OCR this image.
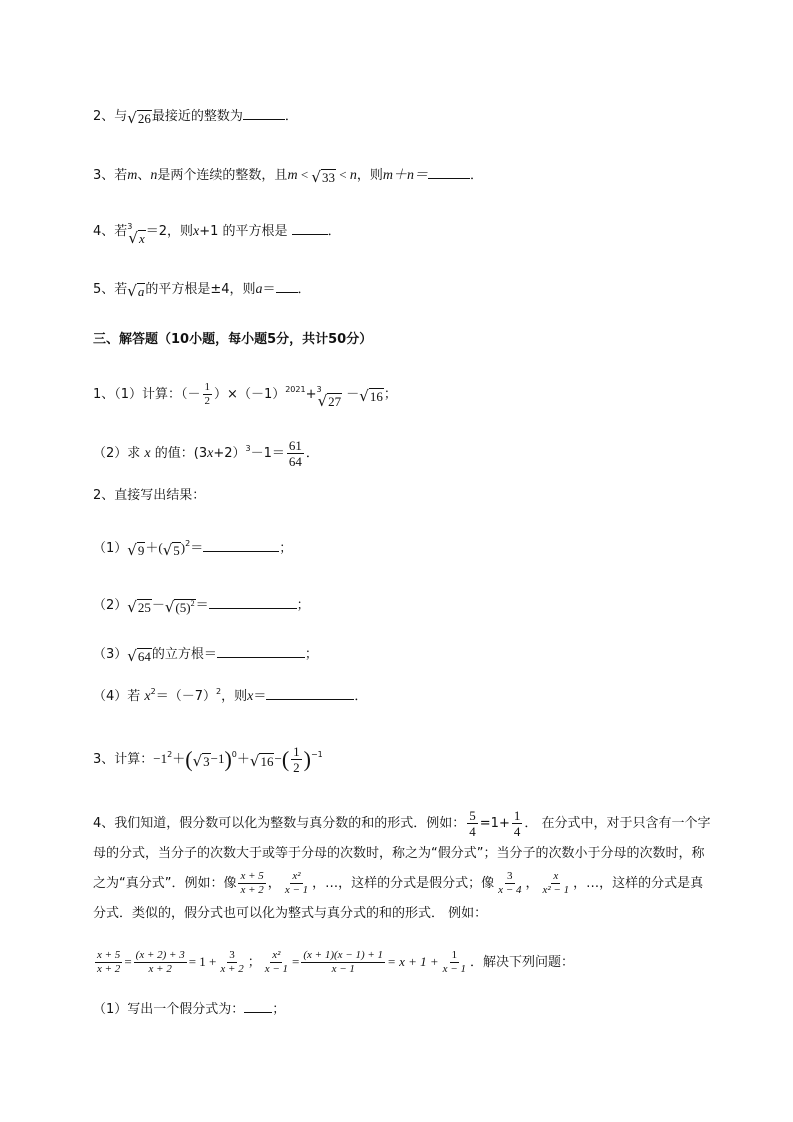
2、与 √ 26 最接近的整数为	．
3、若m、n是两个连续的整数，且m < √ 33 < n，则m＋n＝	．
4、若 3
√ x ＝2，则x+1 的平方根是	．
5、若 √ a 的平方根是±4，则a＝ ．
三、解答题（10小题，每小题5分，共计50分）
1、（1）计算：（－ $\frac{1}{2} )\times(-1)^{2021}+ 3$
√ 27 － √ 16 ；
（2）求 x 的值：$(3x+2)^3-1= \frac{61}{64}$ ．
2、直接写出结果：
（1） √ 9 ＋( √ 5 )$^2$＝	；
（2） √ 25 － √ $(5)^2$ ＝	；
（3） √ 64 的立方根＝	；
（4）若 $x^2=(-7)^2$，则x＝	．
3、计算：$-1^2+$( √ 3 −1)$^0$＋ √ 16 −( $\frac{1}{2} )^{-1}$
4、我们知道，假分数可以化为整数与真分数的和的形式．例如： $\frac{5}{4} =1+ \frac{1}{4}$ ． 在分式中，对于只含有一个字母的分式，当分子的次数大于或等于分母的次数时，称之为“假分式”；当分子的次数小于分母的次数时，称之为“真分式”．例如：像 $\frac{x + 5}{x + 2}$ ， $\frac{\text{x²}}{x - 1}$ ，…，这样的分式是假分式；像 $\frac{3}{x - 4}$ ， $\frac{x}{\text{x² − 1}}$ ，…，这样的分式是真分式．类似的，假分式也可以化为整式与真分式的和的形式． 例如：
$\frac{x + 5}{x + 2} = \frac{(x + 2) + 3}{x + 2} = 1 + \frac{3}{x + 2}$ ； $\frac{\text{x²}}{x - 1} = \frac{(x + 1)(x - 1) + 1}{x - 1} = x + 1 + \frac{1}{x - 1}$ ．解决下列问题：
（1）写出一个假分式为： ；
